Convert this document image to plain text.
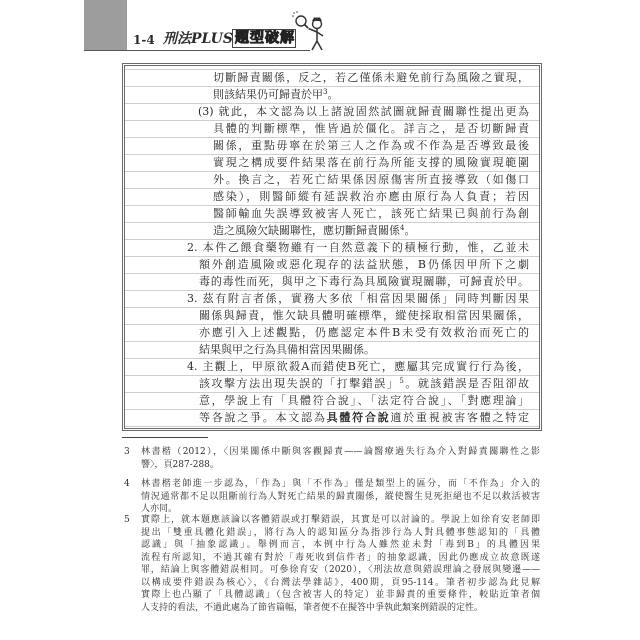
1-4 刑法PLUS 題型破解
切斷歸責關係，反之，若乙僅係未避免前行為風險之實現，
則該結果仍可歸責於甲$^3$。
(3) 就此，本文認為以上諸說固然試圖就歸責關聯性提出更為
具體的判斷標準，惟皆過於僵化。詳言之，是否切斷歸責
關係，重點毋寧在於第三人之作為或不作為是否導致最後
實現之構成要件結果落在前行為所能支撐的風險實現範圍
外。換言之，若死亡結果係因原傷害所直接導致（如傷口
感染），則醫師縱有延誤救治亦應由原行為人負責；若因
醫師輸血失誤導致被害人死亡，該死亡結果已與前行為創
造之風險欠缺關聯性，應切斷歸責關係$^4$。
2. 本件乙餵食藥物雖有一自然意義下的積極行動，惟，乙並未
額外創造風險或惡化現存的法益狀態，B仍係因甲所下之劇
毒的毒性而死，與甲之下毒行為具風險實現關聯，可歸責於甲。
3. 茲有附言者係，實務大多依「相當因果關係」同時判斷因果
關係與歸責，惟欠缺具體明確標準，縱使採取相當因果關係，
亦應引入上述觀點，仍應認定本件B未受有效救治而死亡的
結果與甲之行為具備相當因果關係。
4. 主觀上，甲原欲殺A而錯使B死亡，應屬其完成實行行為後，
該攻擊方法出現失誤的「打擊錯誤」$^5$。就該錯誤是否阻卻故
意，學說上有「具體符合說」、「法定符合說」、「對應理論」
等各說之爭。本文認為具體符合說適於重視被害客體之特定
3	林書楷（2012），〈因果關係中斷與客觀歸責——論醫療過失行為介入對歸責關聯性之影
響〉，頁287-288。
4	林書楷老師進一步認為，「作為」與「不作為」僅是類型上的區分，而「不作為」介入的
情況通常都不足以阻斷前行為人對死亡結果的歸責關係，縱使醫生見死拒絕也不足以救活被害
人亦同。
5	實際上，就本題應該論以客體錯誤或打擊錯誤，其實是可以討論的。學說上如徐育安老師即
提出「雙重具體化錯誤」，將行為人的認知區分為指涉行為人對具體事態認知的「具體
認識」與「抽象認識」。舉例而言，本例中行為人雖然並未對「毒到B」的具體因果
流程有所認知，不過其確有對於「毒死收到信件者」的抽象認識，因此仍應成立故意既遂
罪，結論上與客體錯誤相同。可參徐育安（2020），〈刑法故意與錯誤理論之發展與變遷——
以構成要件錯誤為核心〉，《台灣法學雜誌》，400期，頁95-114。筆者初步認為此見解
實際上也凸顯了「具體認識」（包含被害人的特定）並非歸責的重要條件，較貼近筆者個
人支持的看法，不過此處為了節省篇幅，筆者便不在擬答中爭執此類案例錯誤的定性。
